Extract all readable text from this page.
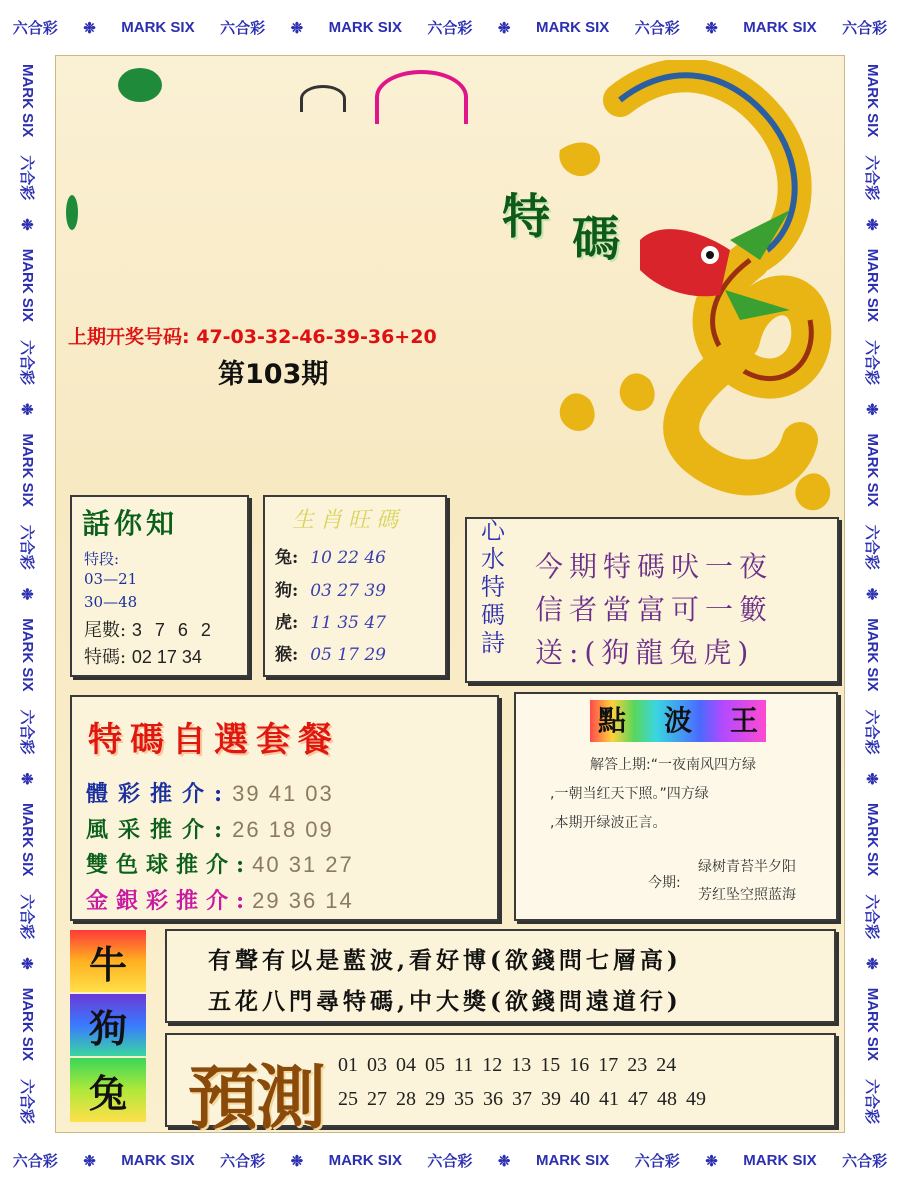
六合彩 ❉ MARK SIX 六合彩 ❉ MARK SIX 六合彩 ❉ MARK SIX 六合彩 ❉ MARK SIX 六合彩
六合彩 ❉ MARK SIX 六合彩 ❉ MARK SIX 六合彩 ❉ MARK SIX 六合彩 ❉ MARK SIX 六合彩
MARK SIX
六合彩
❉
MARK SIX
六合彩
❉
MARK SIX
六合彩
❉
MARK SIX
六合彩
❉
MARK SIX
六合彩
❉
MARK SIX
六合彩
MARK SIX
六合彩
❉
MARK SIX
六合彩
❉
MARK SIX
六合彩
❉
MARK SIX
六合彩
❉
MARK SIX
六合彩
❉
MARK SIX
六合彩
特 碼
上期开奖号码: 47-03-32-46-39-36+20
第103期
話你知
特段:
03—21
30—48
尾數: 3 7 6 2
特碼: 02 17 34
生肖旺碼
兔: 10 22 46
狗: 03 27 39
虎: 11 35 47
猴: 05 17 29
心
水
特
碼
詩
今期特碼吠一夜
信者當富可一籔
送:(狗龍兔虎)
特碼自選套餐
體彩推介:39 41 03
風采推介:26 18 09
雙色球推介:40 31 27
金銀彩推介:29 36 14
點 波 王
解答上期:“一夜南风四方绿
,一朝当红天下照。”四方绿
,本期开绿波正言。
今期:
绿树青苔半夕阳
芳红坠空照蓝海
牛
狗
兔
有聲有以是藍波,看好博(欲錢問七層高)
五花八門尋特碼,中大獎(欲錢問遠道行)
預測 01 03 04 05 11 12 13 15 16 17 23 24
25 27 28 29 35 36 37 39 40 41 47 48 49
